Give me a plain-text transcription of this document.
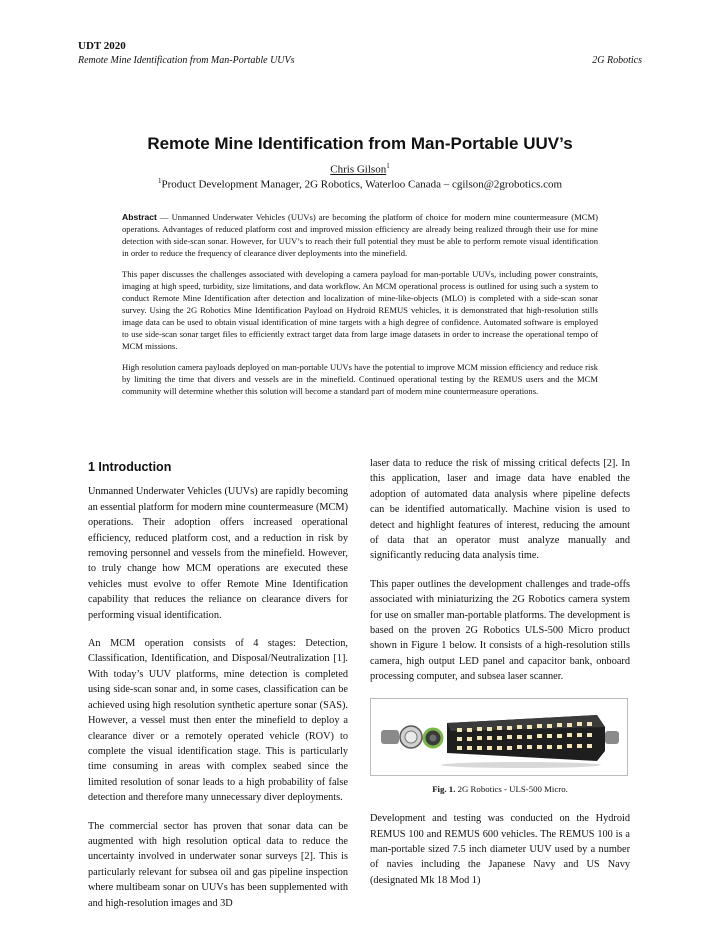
UDT 2020
Remote Mine Identification from Man-Portable UUVs	2G Robotics
Remote Mine Identification from Man-Portable UUV’s
Chris Gilson$^1$
$^1$Product Development Manager, 2G Robotics, Waterloo Canada – cgilson@2grobotics.com

Abstract — Unmanned Underwater Vehicles (UUVs) are becoming the platform of choice for modern mine countermeasure (MCM) operations. Advantages of reduced platform cost and improved mission efficiency are already being realized through their use for mine detection with side-scan sonar. However, for UUV’s to reach their full potential they must be able to perform remote visual identification in order to reduce the frequency of clearance diver deployments into the minefield.

This paper discusses the challenges associated with developing a camera payload for man-portable UUVs, including power constraints, imaging at high speed, turbidity, size limitations, and data workflow. An MCM operational process is outlined for using such a system to conduct Remote Mine Identification after detection and localization of mine-like-objects (MLO) is completed with a side-scan sonar survey. Using the 2G Robotics Mine Identification Payload on Hydroid REMUS vehicles, it is demonstrated that high-resolution stills image data can be used to obtain visual identification of mine targets with a high degree of confidence. Automated software is employed to use side-scan sonar target files to efficiently extract target data from large image datasets in order to increase the operational tempo of MCM missions.

High resolution camera payloads deployed on man-portable UUVs have the potential to improve MCM mission efficiency and reduce risk by limiting the time that divers and vessels are in the minefield. Continued operational testing by the REMUS users and the MCM community will determine whether this solution will become a standard part of modern mine countermeasure operations.

1 Introduction

Unmanned Underwater Vehicles (UUVs) are rapidly becoming an essential platform for modern mine countermeasure (MCM) operations. Their adoption offers increased operational efficiency, reduced platform cost, and a reduction in risk by removing personnel and vessels from the minefield. However, to truly change how MCM operations are executed these vehicles must evolve to offer Remote Mine Identification capability that reduces the reliance on clearance divers for performing visual identification.

An MCM operation consists of 4 stages: Detection, Classification, Identification, and Disposal/Neutralization [1]. With today’s UUV platforms, mine detection is completed using side-scan sonar and, in some cases, classification can be achieved using high resolution synthetic aperture sonar (SAS). However, a vessel must then enter the minefield to deploy a clearance diver or a remotely operated vehicle (ROV) to complete the visual identification stage. This is particularly time consuming in areas with complex seabed since the limited resolution of sonar leads to a high probability of false detection and therefore many unnecessary diver deployments.

The commercial sector has proven that sonar data can be augmented with high resolution optical data to reduce the uncertainty involved in underwater sonar surveys [2]. This is particularly relevant for subsea oil and gas pipeline inspection where multibeam sonar on UUVs has been supplemented with and high-resolution images and 3D

laser data to reduce the risk of missing critical defects [2]. In this application, laser and image data have enabled the adoption of automated data analysis where pipeline defects can be identified automatically. Machine vision is used to detect and highlight features of interest, reducing the amount of data that an operator must analyze manually and significantly reducing data analysis time.

This paper outlines the development challenges and trade-offs associated with miniaturizing the 2G Robotics camera system for use on smaller man-portable platforms. The development is based on the proven 2G Robotics ULS-500 Micro product shown in Figure 1 below. It consists of a high-resolution stills camera, high output LED panel and capacitor bank, onboard processing computer, and subsea laser scanner.

Fig. 1. 2G Robotics - ULS-500 Micro.

Development and testing was conducted on the Hydroid REMUS 100 and REMUS 600 vehicles. The REMUS 100 is a man-portable sized 7.5 inch diameter UUV used by a number of navies including the Japanese Navy and US Navy (designated Mk 18 Mod 1)
